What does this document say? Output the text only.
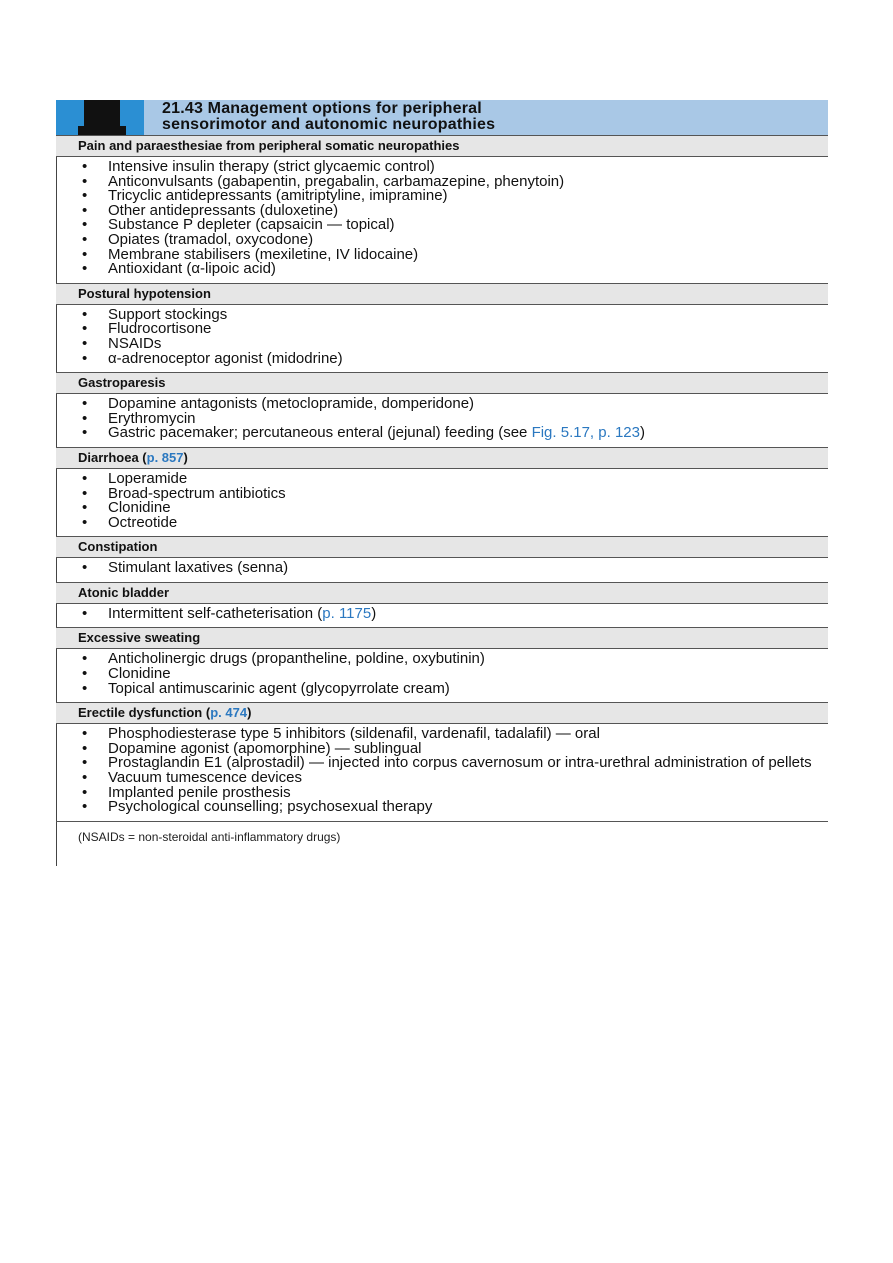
21.43 Management options for peripheral
sensorimotor and autonomic neuropathies
Pain and paraesthesiae from peripheral somatic neuropathies
• Intensive insulin therapy (strict glycaemic control)
• Anticonvulsants (gabapentin, pregabalin, carbamazepine, phenytoin)
• Tricyclic antidepressants (amitriptyline, imipramine)
• Other antidepressants (duloxetine)
• Substance P depleter (capsaicin — topical)
• Opiates (tramadol, oxycodone)
• Membrane stabilisers (mexiletine, IV lidocaine)
• Antioxidant (α-lipoic acid)
Postural hypotension
• Support stockings
• Fludrocortisone
• NSAIDs
• α-adrenoceptor agonist (midodrine)
Gastroparesis
• Dopamine antagonists (metoclopramide, domperidone)
• Erythromycin
• Gastric pacemaker; percutaneous enteral (jejunal) feeding (see Fig. 5.17, p. 123)
Diarrhoea (p. 857)
• Loperamide
• Broad-spectrum antibiotics
• Clonidine
• Octreotide
Constipation
• Stimulant laxatives (senna)
Atonic bladder
• Intermittent self-catheterisation (p. 1175)
Excessive sweating
• Anticholinergic drugs (propantheline, poldine, oxybutinin)
• Clonidine
• Topical antimuscarinic agent (glycopyrrolate cream)
Erectile dysfunction (p. 474)
• Phosphodiesterase type 5 inhibitors (sildenafil, vardenafil, tadalafil) — oral
• Dopamine agonist (apomorphine) — sublingual
• Prostaglandin E1 (alprostadil) — injected into corpus cavernosum or intra-urethral administration of pellets
• Vacuum tumescence devices
• Implanted penile prosthesis
• Psychological counselling; psychosexual therapy
(NSAIDs = non-steroidal anti-inflammatory drugs)
